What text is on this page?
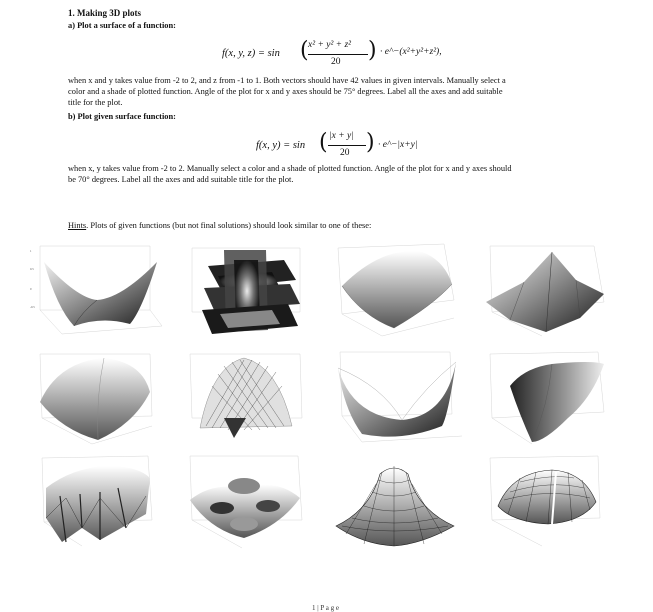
1. Making 3D plots
a) Plot a surface of a function:
f(x, y, z) = sin ( x² + y² + z²
20 ) · e^−(x²+y²+z²),
when x and y takes value from -2 to 2, and z from -1 to 1. Both vectors should have 42 values in given intervals. Manually select a
color and a shade of plotted function. Angle of the plot for x and y axes should be 75° degrees. Label all the axes and add suitable
title for the plot.
b) Plot given surface function:
f(x, y) = sin ( |x + y|
20 ) · e^−|x+y|
when x, y takes value from -2 to 2. Manually select a color and a shade of plotted function. Angle of the plot for x and y axes should
be 70° degrees. Label all the axes and add suitable title for the plot.
Hints. Plots of given functions (but not final solutions) should look similar to one of these:
1
0.5
0
-0.5
1 | P a g e
